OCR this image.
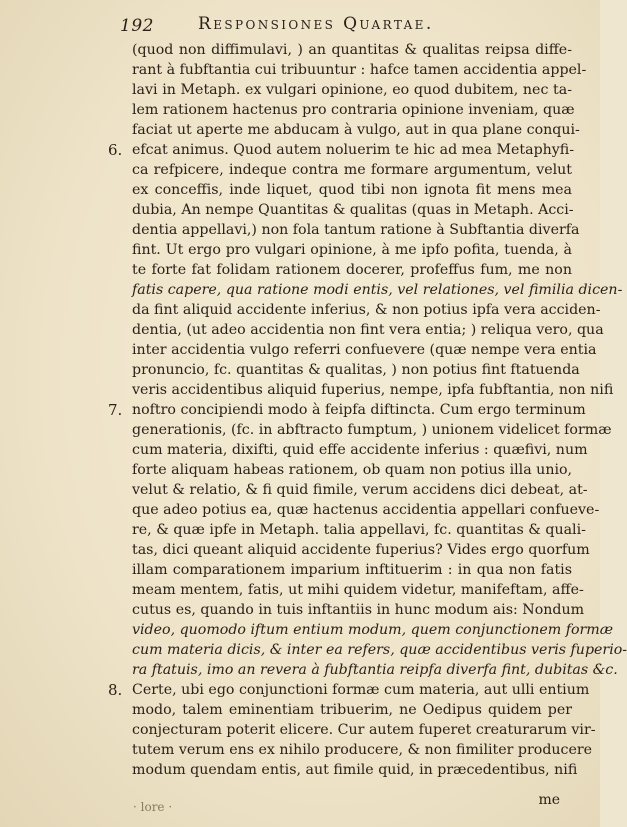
192	Responsiones Quartae.
6.
7.
8.
(quod non diffimulavi, ) an quantitas & qualitas reipsa diffe-
rant à fubftantia cui tribuuntur : hafce tamen accidentia appel-
lavi in Metaph. ex vulgari opinione, eo quod dubitem, nec ta-
lem rationem hactenus pro contraria opinione inveniam, quæ
faciat ut aperte me abducam à vulgo, aut in qua plane conqui-
efcat animus. Quod autem noluerim te hic ad mea Metaphyfi-
ca refpicere, indeque contra me formare argumentum, velut
ex conceffis, inde liquet, quod tibi non ignota fit mens mea
dubia, An nempe Quantitas & qualitas (quas in Metaph. Acci-
dentia appellavi,) non fola tantum ratione à Subftantia diverfa
fint. Ut ergo pro vulgari opinione, à me ipfo pofita, tuenda, à
te forte fat folidam rationem docerer, profeffus fum, me non
fatis capere, qua ratione modi entis, vel relationes, vel fimilia dicen-
da fint aliquid accidente inferius, & non potius ipfa vera acciden-
dentia, (ut adeo accidentia non fint vera entia; ) reliqua vero, qua
inter accidentia vulgo referri confuevere (quæ nempe vera entia
pronuncio, fc. quantitas & qualitas, ) non potius fint ftatuenda
veris accidentibus aliquid fuperius, nempe, ipfa fubftantia, non nifi
noftro concipiendi modo à feipfa diftincta. Cum ergo terminum
generationis, (fc. in abftracto fumptum, ) unionem videlicet formæ
cum materia, dixifti, quid effe accidente inferius : quæfivi, num
forte aliquam habeas rationem, ob quam non potius illa unio,
velut & relatio, & fi quid fimile, verum accidens dici debeat, at-
que adeo potius ea, quæ hactenus accidentia appellari confueve-
re, & quæ ipfe in Metaph. talia appellavi, fc. quantitas & quali-
tas, dici queant aliquid accidente fuperius? Vides ergo quorfum
illam comparationem imparium inftituerim : in qua non fatis
meam mentem, fatis, ut mihi quidem videtur, manifeftam, affe-
cutus es, quando in tuis inftantiis in hunc modum ais: Nondum
video, quomodo iftum entium modum, quem conjunctionem formæ
cum materia dicis, & inter ea refers, quæ accidentibus veris fuperio-
ra ftatuis, imo an revera à fubftantia reipfa diverfa fint, dubitas &c.
Certe, ubi ego conjunctioni formæ cum materia, aut ulli entium
modo, talem eminentiam tribuerim, ne Oedipus quidem per
conjecturam poterit elicere. Cur autem fuperet creaturarum vir-
tutem verum ens ex nihilo producere, & non fimiliter producere
modum quendam entis, aut fimile quid, in præcedentibus, nifi
me
· lore ·
